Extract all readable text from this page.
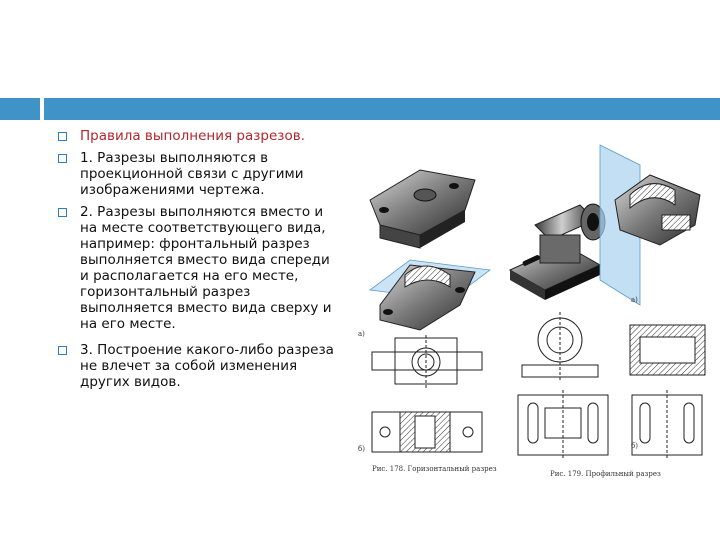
Правила выполнения разрезов.
1. Разрезы выполняются в проекционной связи с другими изображениями чертежа.
2. Разрезы выполняются вместо и на месте соответствующего вида, например: фронтальный разрез выполняется вместо вида спереди и располагается на его месте, горизонтальный разрез выполняется вместо вида сверху и на его месте.
3. Построение какого-либо разреза не влечет за собой изменения других видов.
а)
б)
а)
б)
Рис. 178. Горизонтальный разрез
Рис. 179. Профильный разрез
